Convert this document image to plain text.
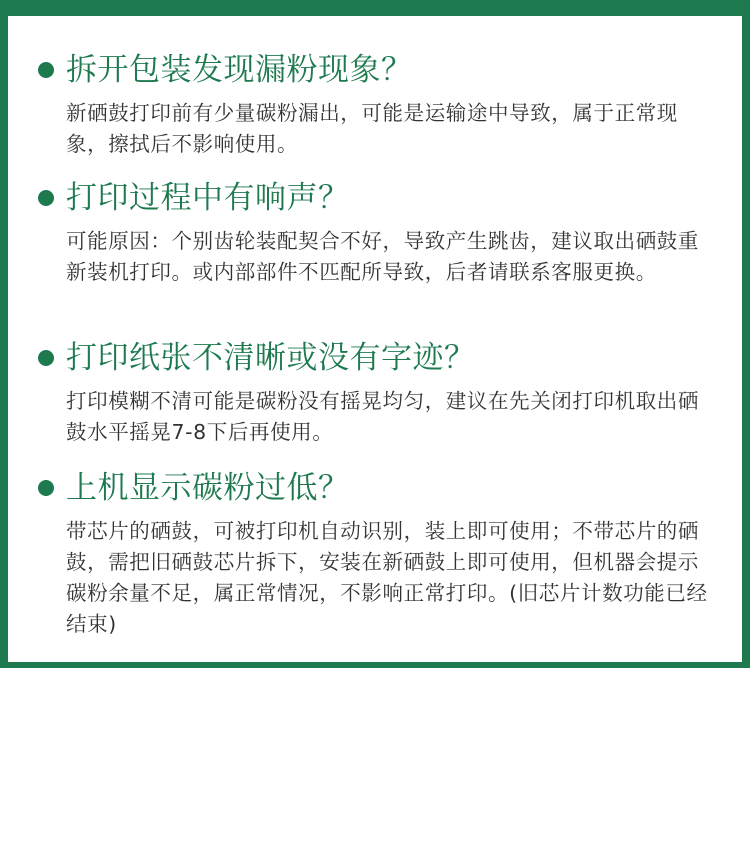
拆开包装发现漏粉现象？
新硒鼓打印前有少量碳粉漏出，可能是运输途中导致，属于正常现象，擦拭后不影响使用。
打印过程中有响声？
可能原因：个别齿轮装配契合不好，导致产生跳齿，建议取出硒鼓重新装机打印。或内部部件不匹配所导致，后者请联系客服更换。
打印纸张不清晰或没有字迹？
打印模糊不清可能是碳粉没有摇晃均匀，建议在先关闭打印机取出硒鼓水平摇晃7-8下后再使用。
上机显示碳粉过低？
带芯片的硒鼓，可被打印机自动识别，装上即可使用；不带芯片的硒鼓，需把旧硒鼓芯片拆下，安装在新硒鼓上即可使用，但机器会提示碳粉余量不足，属正常情况，不影响正常打印。(旧芯片计数功能已经结束)
